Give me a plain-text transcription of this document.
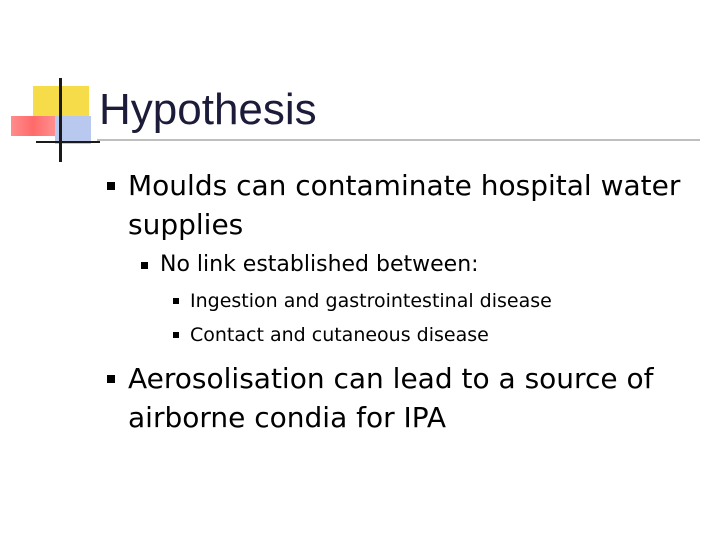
Hypothesis
Moulds can contaminate hospital water supplies
No link established between:
Ingestion and gastrointestinal disease
Contact and cutaneous disease
Aerosolisation can lead to a source of airborne condia for IPA
